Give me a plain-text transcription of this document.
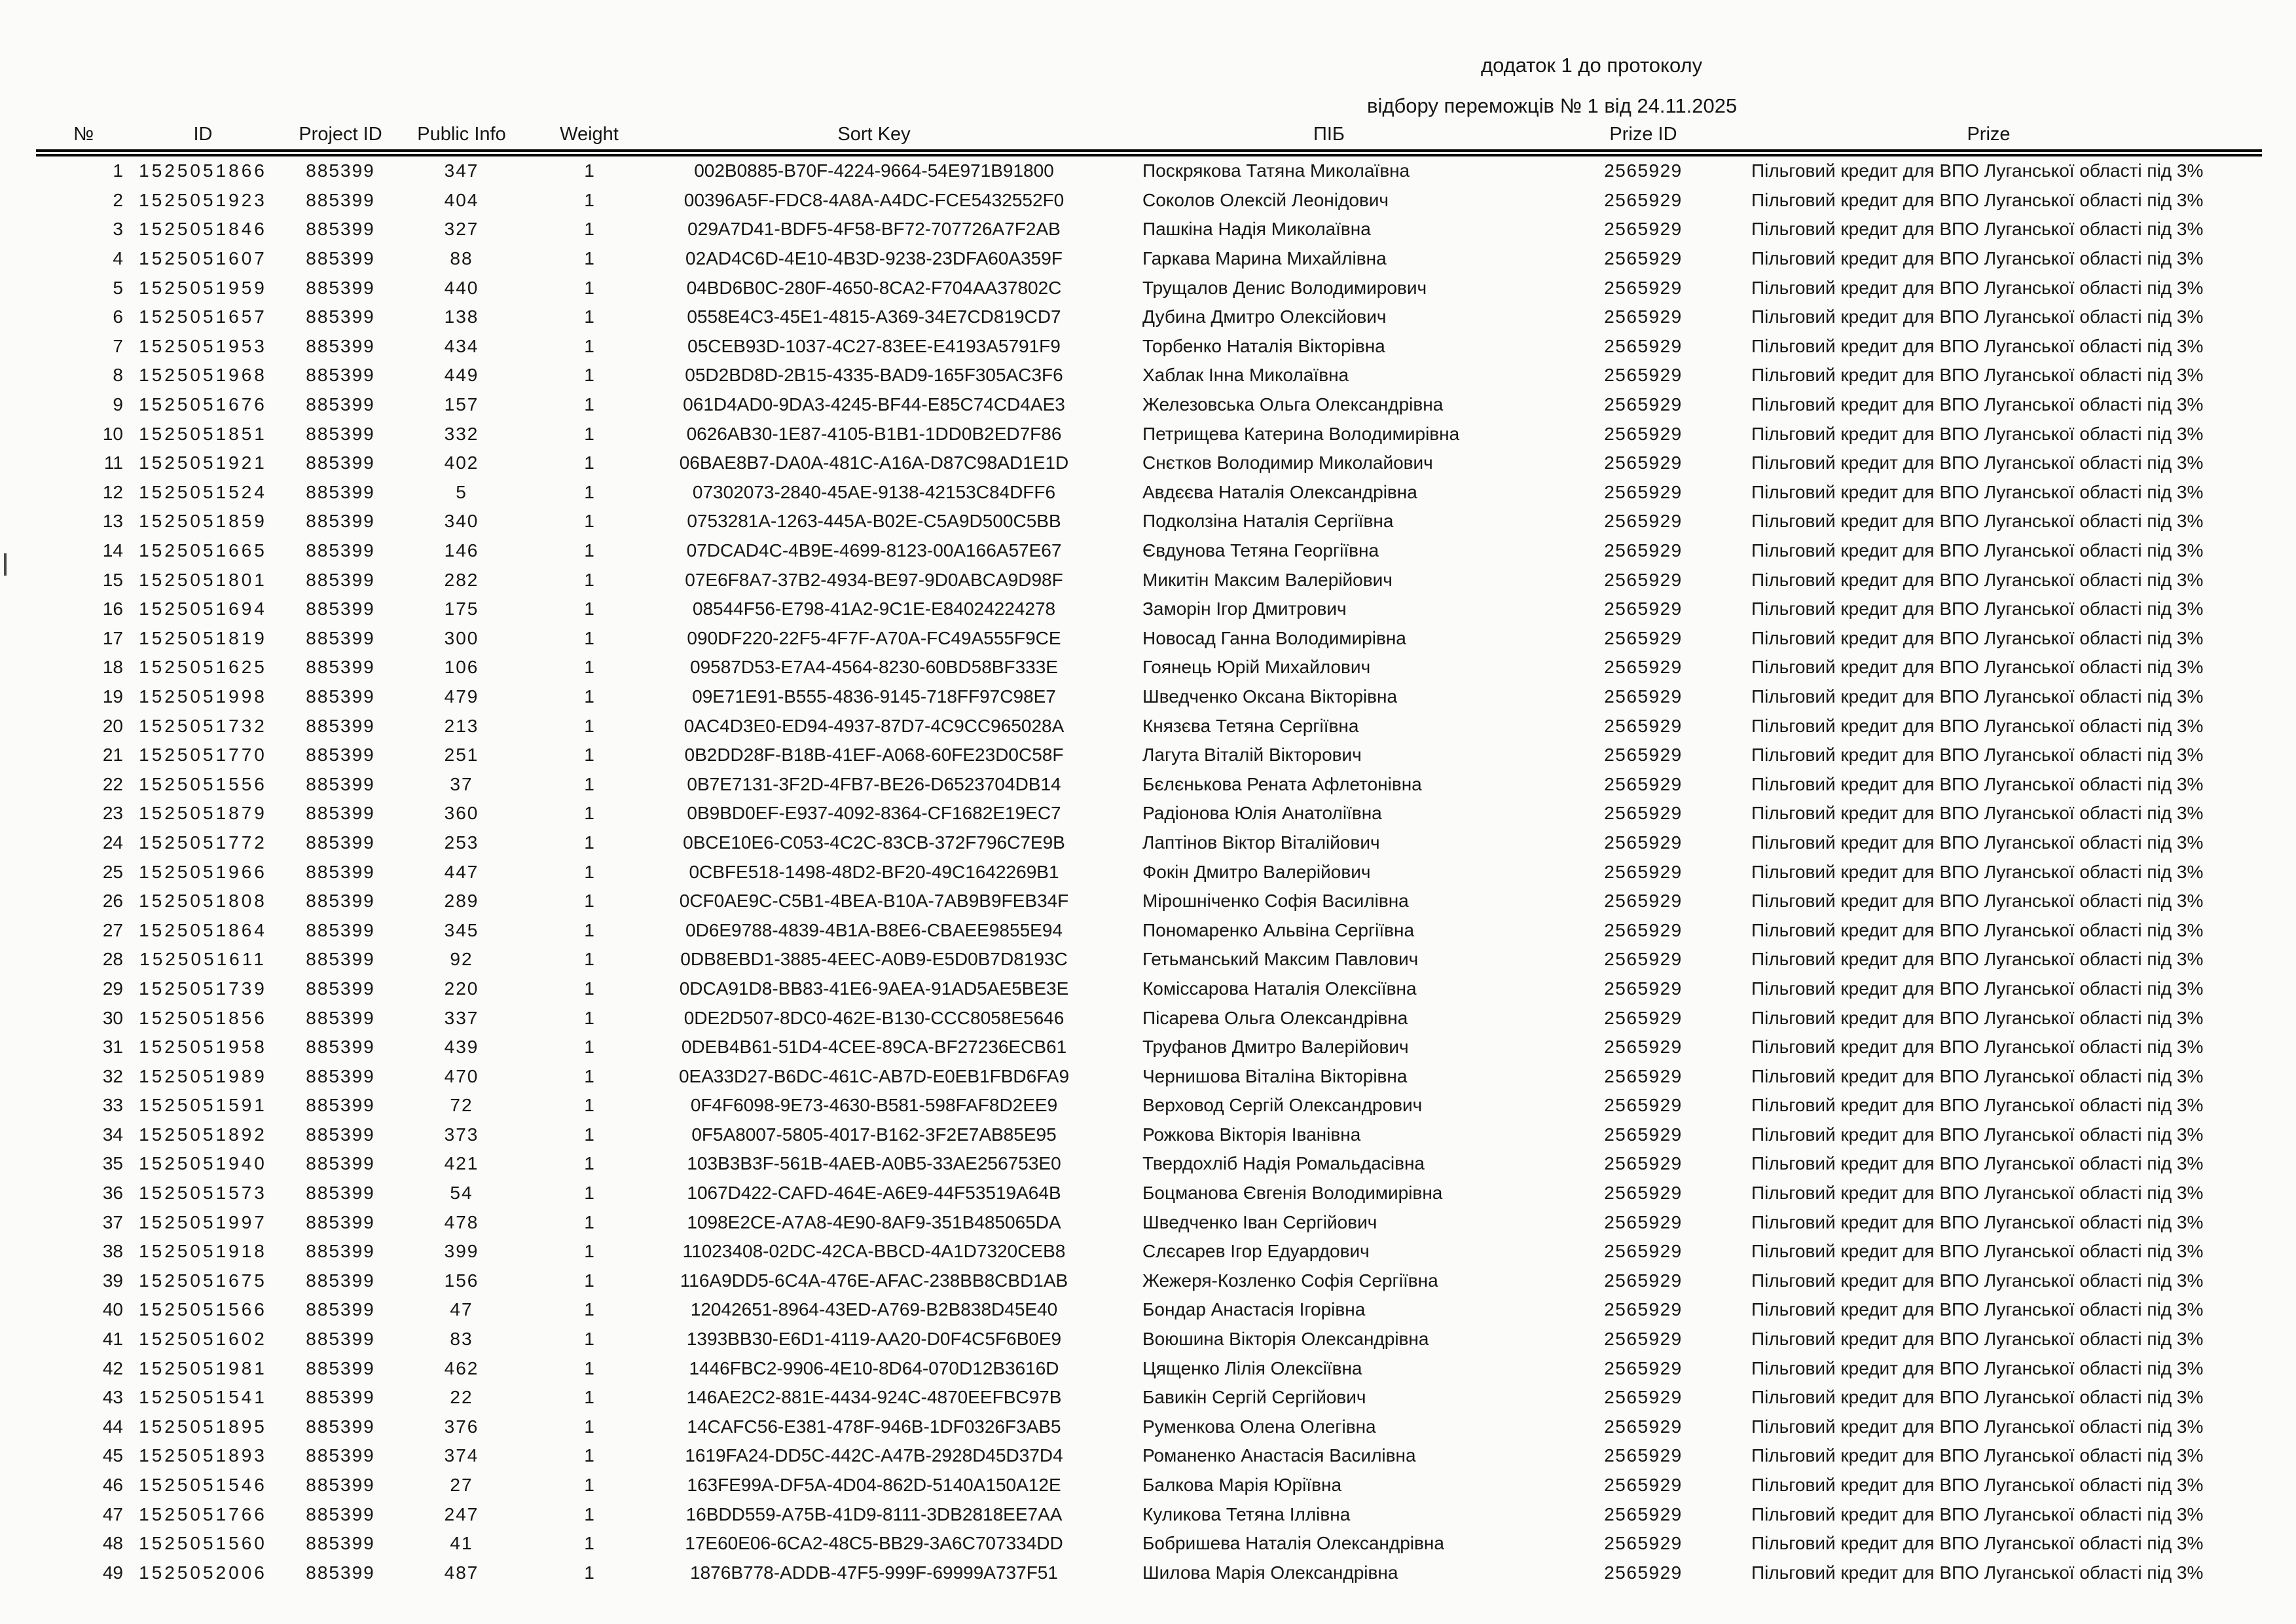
додаток 1 до протоколу
відбору переможців № 1 від 24.11.2025
№	ID	Project ID	Public Info	Weight	Sort Key	ПІБ	Prize ID	Prize
1	1525051866	885399	347	1	002B0885-B70F-4224-9664-54E971B91800	Поскрякова Татяна Миколаївна	2565929	Пільговий кредит для ВПО Луганської області під 3%
2	1525051923	885399	404	1	00396A5F-FDC8-4A8A-A4DC-FCE5432552F0	Соколов Олексій Леонідович	2565929	Пільговий кредит для ВПО Луганської області під 3%
3	1525051846	885399	327	1	029A7D41-BDF5-4F58-BF72-707726A7F2AB	Пашкіна Надія Миколаївна	2565929	Пільговий кредит для ВПО Луганської області під 3%
4	1525051607	885399	88	1	02AD4C6D-4E10-4B3D-9238-23DFA60A359F	Гаркава Марина Михайлівна	2565929	Пільговий кредит для ВПО Луганської області під 3%
5	1525051959	885399	440	1	04BD6B0C-280F-4650-8CA2-F704AA37802C	Трущалов Денис Володимирович	2565929	Пільговий кредит для ВПО Луганської області під 3%
6	1525051657	885399	138	1	0558E4C3-45E1-4815-A369-34E7CD819CD7	Дубина Дмитро Олексійович	2565929	Пільговий кредит для ВПО Луганської області під 3%
7	1525051953	885399	434	1	05CEB93D-1037-4C27-83EE-E4193A5791F9	Торбенко Наталія Вікторівна	2565929	Пільговий кредит для ВПО Луганської області під 3%
8	1525051968	885399	449	1	05D2BD8D-2B15-4335-BAD9-165F305AC3F6	Хаблак Інна Миколаївна	2565929	Пільговий кредит для ВПО Луганської області під 3%
9	1525051676	885399	157	1	061D4AD0-9DA3-4245-BF44-E85C74CD4AE3	Железовська Ольга Олександрівна	2565929	Пільговий кредит для ВПО Луганської області під 3%
10	1525051851	885399	332	1	0626AB30-1E87-4105-B1B1-1DD0B2ED7F86	Петрищева Катерина Володимирівна	2565929	Пільговий кредит для ВПО Луганської області під 3%
11	1525051921	885399	402	1	06BAE8B7-DA0A-481C-A16A-D87C98AD1E1D	Снєтков Володимир Миколайович	2565929	Пільговий кредит для ВПО Луганської області під 3%
12	1525051524	885399	5	1	07302073-2840-45AE-9138-42153C84DFF6	Авдєєва Наталія Олександрівна	2565929	Пільговий кредит для ВПО Луганської області під 3%
13	1525051859	885399	340	1	0753281A-1263-445A-B02E-C5A9D500C5BB	Подколзіна Наталія Сергіївна	2565929	Пільговий кредит для ВПО Луганської області під 3%
14	1525051665	885399	146	1	07DCAD4C-4B9E-4699-8123-00A166A57E67	Євдунова Тетяна Георгіївна	2565929	Пільговий кредит для ВПО Луганської області під 3%
15	1525051801	885399	282	1	07E6F8A7-37B2-4934-BE97-9D0ABCA9D98F	Микитін Максим Валерійович	2565929	Пільговий кредит для ВПО Луганської області під 3%
16	1525051694	885399	175	1	08544F56-E798-41A2-9C1E-E84024224278	Заморін Ігор Дмитрович	2565929	Пільговий кредит для ВПО Луганської області під 3%
17	1525051819	885399	300	1	090DF220-22F5-4F7F-A70A-FC49A555F9CE	Новосад Ганна Володимирівна	2565929	Пільговий кредит для ВПО Луганської області під 3%
18	1525051625	885399	106	1	09587D53-E7A4-4564-8230-60BD58BF333E	Гоянець Юрій Михайлович	2565929	Пільговий кредит для ВПО Луганської області під 3%
19	1525051998	885399	479	1	09E71E91-B555-4836-9145-718FF97C98E7	Шведченко Оксана Вікторівна	2565929	Пільговий кредит для ВПО Луганської області під 3%
20	1525051732	885399	213	1	0AC4D3E0-ED94-4937-87D7-4C9CC965028A	Князєва Тетяна Сергіївна	2565929	Пільговий кредит для ВПО Луганської області під 3%
21	1525051770	885399	251	1	0B2DD28F-B18B-41EF-A068-60FE23D0C58F	Лагута Віталій Вікторович	2565929	Пільговий кредит для ВПО Луганської області під 3%
22	1525051556	885399	37	1	0B7E7131-3F2D-4FB7-BE26-D6523704DB14	Бєлєнькова Рената Афлетонівна	2565929	Пільговий кредит для ВПО Луганської області під 3%
23	1525051879	885399	360	1	0B9BD0EF-E937-4092-8364-CF1682E19EC7	Радіонова Юлія Анатоліївна	2565929	Пільговий кредит для ВПО Луганської області під 3%
24	1525051772	885399	253	1	0BCE10E6-C053-4C2C-83CB-372F796C7E9B	Лаптінов Віктор Віталійович	2565929	Пільговий кредит для ВПО Луганської області під 3%
25	1525051966	885399	447	1	0CBFE518-1498-48D2-BF20-49C1642269B1	Фокін Дмитро Валерійович	2565929	Пільговий кредит для ВПО Луганської області під 3%
26	1525051808	885399	289	1	0CF0AE9C-C5B1-4BEA-B10A-7AB9B9FEB34F	Мірошніченко Софія Василівна	2565929	Пільговий кредит для ВПО Луганської області під 3%
27	1525051864	885399	345	1	0D6E9788-4839-4B1A-B8E6-CBAEE9855E94	Пономаренко Альвіна Сергіївна	2565929	Пільговий кредит для ВПО Луганської області під 3%
28	1525051611	885399	92	1	0DB8EBD1-3885-4EEC-A0B9-E5D0B7D8193C	Гетьманський Максим Павлович	2565929	Пільговий кредит для ВПО Луганської області під 3%
29	1525051739	885399	220	1	0DCA91D8-BB83-41E6-9AEA-91AD5AE5BE3E	Коміссарова Наталія Олексіївна	2565929	Пільговий кредит для ВПО Луганської області під 3%
30	1525051856	885399	337	1	0DE2D507-8DC0-462E-B130-CCC8058E5646	Пісарева Ольга Олександрівна	2565929	Пільговий кредит для ВПО Луганської області під 3%
31	1525051958	885399	439	1	0DEB4B61-51D4-4CEE-89CA-BF27236ECB61	Труфанов Дмитро Валерійович	2565929	Пільговий кредит для ВПО Луганської області під 3%
32	1525051989	885399	470	1	0EA33D27-B6DC-461C-AB7D-E0EB1FBD6FA9	Чернишова Віталіна Вікторівна	2565929	Пільговий кредит для ВПО Луганської області під 3%
33	1525051591	885399	72	1	0F4F6098-9E73-4630-B581-598FAF8D2EE9	Верховод Сергій Олександрович	2565929	Пільговий кредит для ВПО Луганської області під 3%
34	1525051892	885399	373	1	0F5A8007-5805-4017-B162-3F2E7AB85E95	Рожкова Вікторія Іванівна	2565929	Пільговий кредит для ВПО Луганської області під 3%
35	1525051940	885399	421	1	103B3B3F-561B-4AEB-A0B5-33AE256753E0	Твердохліб Надія Ромальдасівна	2565929	Пільговий кредит для ВПО Луганської області під 3%
36	1525051573	885399	54	1	1067D422-CAFD-464E-A6E9-44F53519A64B	Боцманова Євгенія Володимирівна	2565929	Пільговий кредит для ВПО Луганської області під 3%
37	1525051997	885399	478	1	1098E2CE-A7A8-4E90-8AF9-351B485065DA	Шведченко Іван Сергійович	2565929	Пільговий кредит для ВПО Луганської області під 3%
38	1525051918	885399	399	1	11023408-02DC-42CA-BBCD-4A1D7320CEB8	Слєсарев Ігор Едуардович	2565929	Пільговий кредит для ВПО Луганської області під 3%
39	1525051675	885399	156	1	116A9DD5-6C4A-476E-AFAC-238BB8CBD1AB	Жежеря-Козленко Софія Сергіївна	2565929	Пільговий кредит для ВПО Луганської області під 3%
40	1525051566	885399	47	1	12042651-8964-43ED-A769-B2B838D45E40	Бондар Анастасія Ігорівна	2565929	Пільговий кредит для ВПО Луганської області під 3%
41	1525051602	885399	83	1	1393BB30-E6D1-4119-AA20-D0F4C5F6B0E9	Воюшина Вікторія Олександрівна	2565929	Пільговий кредит для ВПО Луганської області під 3%
42	1525051981	885399	462	1	1446FBC2-9906-4E10-8D64-070D12B3616D	Цященко Лілія Олексіївна	2565929	Пільговий кредит для ВПО Луганської області під 3%
43	1525051541	885399	22	1	146AE2C2-881E-4434-924C-4870EEFBC97B	Бавикін Сергій Сергійович	2565929	Пільговий кредит для ВПО Луганської області під 3%
44	1525051895	885399	376	1	14CAFC56-E381-478F-946B-1DF0326F3AB5	Руменкова Олена Олегівна	2565929	Пільговий кредит для ВПО Луганської області під 3%
45	1525051893	885399	374	1	1619FA24-DD5C-442C-A47B-2928D45D37D4	Романенко Анастасія Василівна	2565929	Пільговий кредит для ВПО Луганської області під 3%
46	1525051546	885399	27	1	163FE99A-DF5A-4D04-862D-5140A150A12E	Балкова Марія Юріївна	2565929	Пільговий кредит для ВПО Луганської області під 3%
47	1525051766	885399	247	1	16BDD559-A75B-41D9-8111-3DB2818EE7AA	Куликова Тетяна Іллівна	2565929	Пільговий кредит для ВПО Луганської області під 3%
48	1525051560	885399	41	1	17E60E06-6CA2-48C5-BB29-3A6C707334DD	Бобришева Наталія Олександрівна	2565929	Пільговий кредит для ВПО Луганської області під 3%
49	1525052006	885399	487	1	1876B778-ADDB-47F5-999F-69999A737F51	Шилова Марія Олександрівна	2565929	Пільговий кредит для ВПО Луганської області під 3%
